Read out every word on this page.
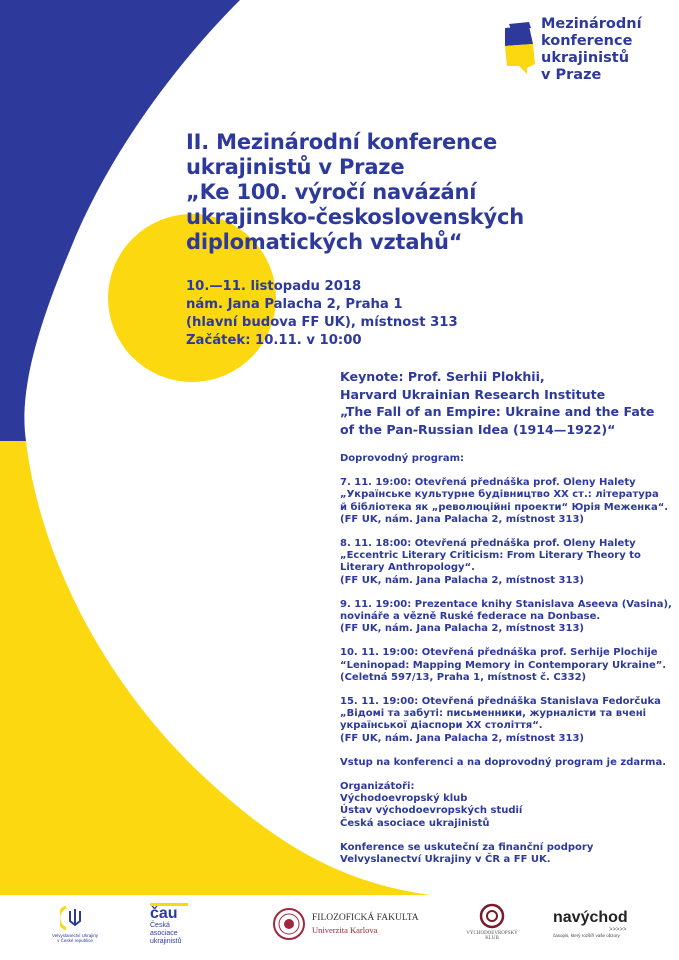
Mezinárodní
konference
ukrajinistů
v Praze
II. Mezinárodní konference
ukrajinistů v Praze
„Ke 100. výročí navázání
ukrajinsko-československých
diplomatických vztahů“
10.—11. listopadu 2018
nám. Jana Palacha 2, Praha 1
(hlavní budova FF UK), místnost 313
Začátek: 10.11. v 10:00
Keynote: Prof. Serhii Plokhii,
Harvard Ukrainian Research Institute
„The Fall of an Empire: Ukraine and the Fate
of the Pan-Russian Idea (1914—1922)“

Doprovodný program:

7. 11. 19:00: Otevřená přednáška prof. Oleny Halety

„Українське культурне будівництво XX ст.: література

й бібліотека як „революційні проекти“ Юрія Меженка“.

(FF UK, nám. Jana Palacha 2, místnost 313)

8. 11. 18:00: Otevřená přednáška prof. Oleny Halety

„Eccentric Literary Criticism: From Literary Theory to

Literary Anthropology“.

(FF UK, nám. Jana Palacha 2, místnost 313)

9. 11. 19:00: Prezentace knihy Stanislava Aseeva (Vasina),

novináře a vězně Ruské federace na Donbase.

(FF UK, nám. Jana Palacha 2, místnost 313)

10. 11. 19:00: Otevřená přednáška prof. Serhije Plochije

“Leninopad: Mapping Memory in Contemporary Ukraine”.

(Celetná 597/13, Praha 1, místnost č. C332)

15. 11. 19:00: Otevřená přednáška Stanislava Fedorčuka

„Відомі та забуті: письменники, журналісти та вчені

української діаспори XX століття“.

(FF UK, nám. Jana Palacha 2, místnost 313)

Vstup na konferenci a na doprovodný program je zdarma.

Organizátoři:

Východoevropský klub

Ústav východoevropských studií

Česká asociace ukrajinistů

Konference se uskuteční za finanční podpory

Velvyslanectví Ukrajiny v ČR a FF UK.

Velvyslanectví Ukrajiny
v České republice
čau
Česká
asociace
ukrajinistů
FILOZOFICKÁ FAKULTA
Univerzita Karlova	VÝCHODOEVROPSKÝ
KLUB
navýchod
>>>>>
časopis, který rozšíří vaše obzory
